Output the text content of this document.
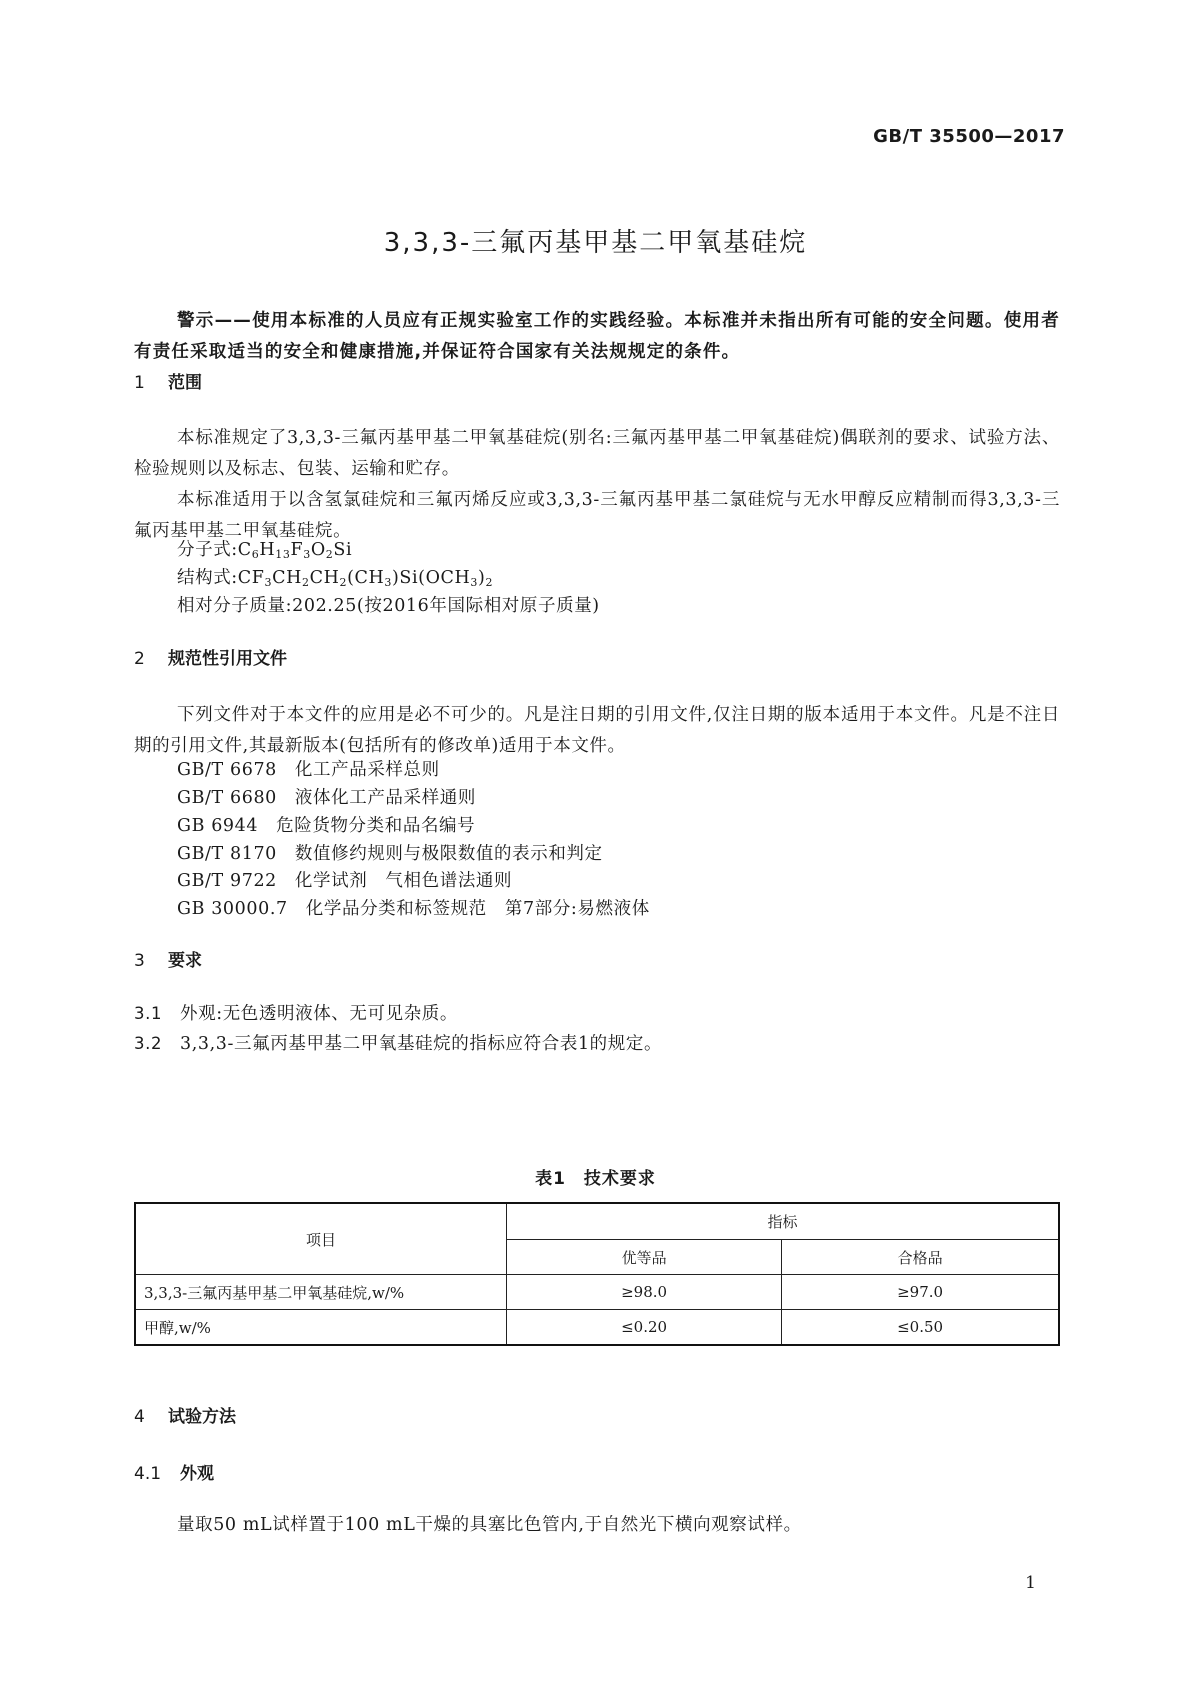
GB/T 35500—2017
3,3,3-三氟丙基甲基二甲氧基硅烷
警示——使用本标准的人员应有正规实验室工作的实践经验。本标准并未指出所有可能的安全问题。使用者有责任采取适当的安全和健康措施,并保证符合国家有关法规规定的条件。
1 范围
本标准规定了3,3,3-三氟丙基甲基二甲氧基硅烷(别名:三氟丙基甲基二甲氧基硅烷)偶联剂的要求、试验方法、检验规则以及标志、包装、运输和贮存。
本标准适用于以含氢氯硅烷和三氟丙烯反应或3,3,3-三氟丙基甲基二氯硅烷与无水甲醇反应精制而得3,3,3-三氟丙基甲基二甲氧基硅烷。
分子式$:C_6H_{13}F_3O_2Si$
结构式$:CF_3CH_2CH_2(CH_3)Si(OCH_3)_2$
相对分子质量:202.25(按2016年国际相对原子质量)
2 规范性引用文件
下列文件对于本文件的应用是必不可少的。凡是注日期的引用文件,仅注日期的版本适用于本文件。凡是不注日期的引用文件,其最新版本(包括所有的修改单)适用于本文件。
GB/T 6678 化工产品采样总则
GB/T 6680 液体化工产品采样通则
GB 6944 危险货物分类和品名编号
GB/T 8170 数值修约规则与极限数值的表示和判定
GB/T 9722 化学试剂　气相色谱法通则
GB 30000.7 化学品分类和标签规范　第7部分:易燃液体
3 要求
3.1 外观:无色透明液体、无可见杂质。
3.2 3,3,3-三氟丙基甲基二甲氧基硅烷的指标应符合表1的规定。
表1　技术要求
项目	指标	
	优等品	合格品
3,3,3-三氟丙基甲基二甲氧基硅烷,w/%	≥98.0	≥97.0
甲醇,w/%	≤0.20	≤0.50
4 试验方法
4.1 外观
量取50 mL试样置于100 mL干燥的具塞比色管内,于自然光下横向观察试样。
1
